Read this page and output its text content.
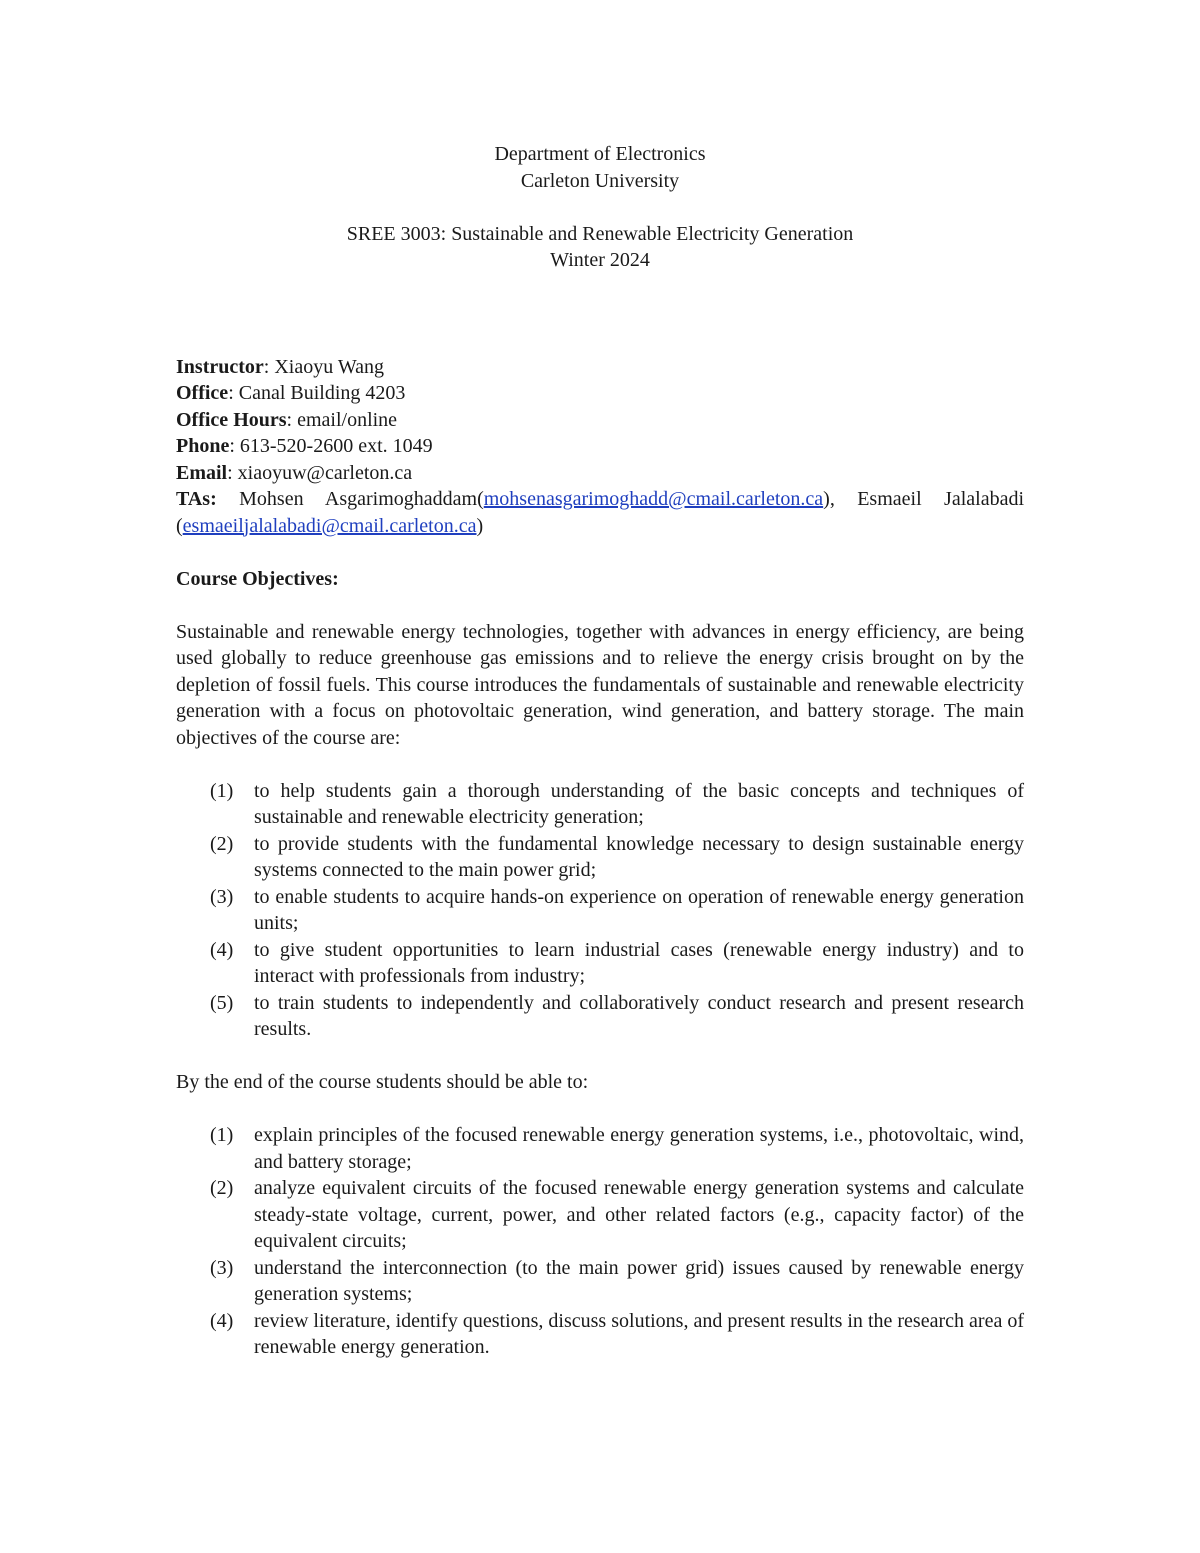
Department of Electronics

Carleton University

SREE 3003: Sustainable and Renewable Electricity Generation

Winter 2024

Instructor: Xiaoyu Wang

Office: Canal Building 4203

Office Hours: email/online

Phone: 613-520-2600 ext. 1049

Email: xiaoyuw@carleton.ca

TAs: Mohsen Asgarimoghaddam(mohsenasgarimoghadd@cmail.carleton.ca), Esmaeil Jalalabadi (esmaeiljalalabadi@cmail.carleton.ca)

Course Objectives:

Sustainable and renewable energy technologies, together with advances in energy efficiency, are being used globally to reduce greenhouse gas emissions and to relieve the energy crisis brought on by the depletion of fossil fuels. This course introduces the fundamentals of sustainable and renewable electricity generation with a focus on photovoltaic generation, wind generation, and battery storage. The main objectives of the course are:

(1) to help students gain a thorough understanding of the basic concepts and techniques of sustainable and renewable electricity generation;
(2) to provide students with the fundamental knowledge necessary to design sustainable energy systems connected to the main power grid;
(3) to enable students to acquire hands-on experience on operation of renewable energy generation units;
(4) to give student opportunities to learn industrial cases (renewable energy industry) and to interact with professionals from industry;
(5) to train students to independently and collaboratively conduct research and present research results.

By the end of the course students should be able to:

(1) explain principles of the focused renewable energy generation systems, i.e., photovoltaic, wind, and battery storage;
(2) analyze equivalent circuits of the focused renewable energy generation systems and calculate steady-state voltage, current, power, and other related factors (e.g., capacity factor) of the equivalent circuits;
(3) understand the interconnection (to the main power grid) issues caused by renewable energy generation systems;
(4) review literature, identify questions, discuss solutions, and present results in the research area of renewable energy generation.
